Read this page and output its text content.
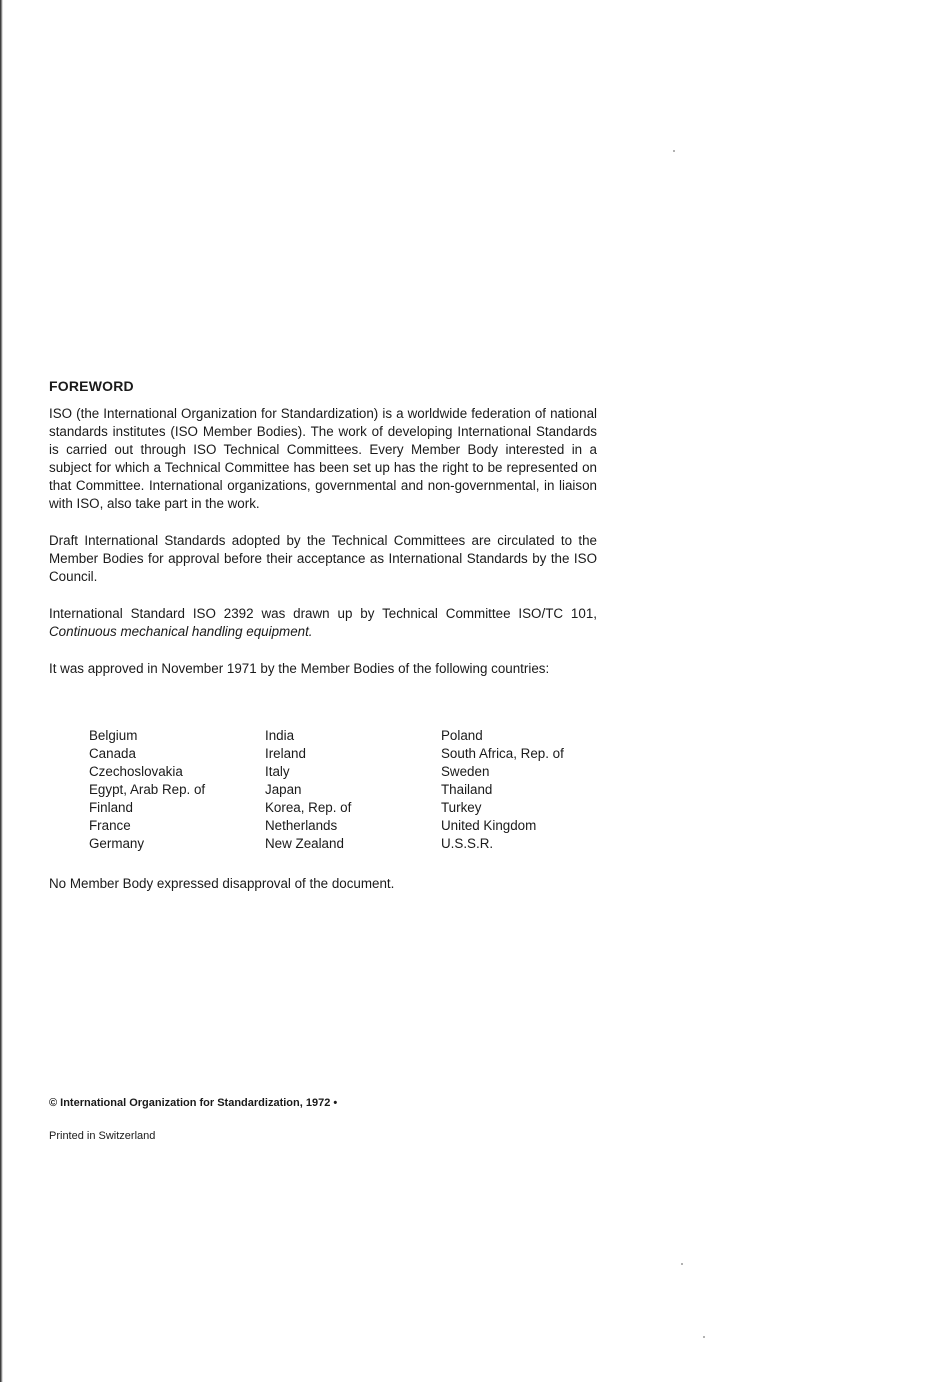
FOREWORD

ISO (the International Organization for Standardization) is a worldwide federation of national standards institutes (ISO Member Bodies). The work of developing International Standards is carried out through ISO Technical Committees. Every Member Body interested in a subject for which a Technical Committee has been set up has the right to be represented on that Committee. International organizations, governmental and non-governmental, in liaison with ISO, also take part in the work.

Draft International Standards adopted by the Technical Committees are circulated to the Member Bodies for approval before their acceptance as International Standards by the ISO Council.

International Standard ISO 2392 was drawn up by Technical Committee ISO/TC 101, Continuous mechanical handling equipment.

It was approved in November 1971 by the Member Bodies of the following countries:

Belgium
Canada
Czechoslovakia
Egypt, Arab Rep. of
Finland
France
Germany
India
Ireland
Italy
Japan
Korea, Rep. of
Netherlands
New Zealand
Poland
South Africa, Rep. of
Sweden
Thailand
Turkey
United Kingdom
U.S.S.R.
No Member Body expressed disapproval of the document.
© International Organization for Standardization, 1972 •
Printed in Switzerland
